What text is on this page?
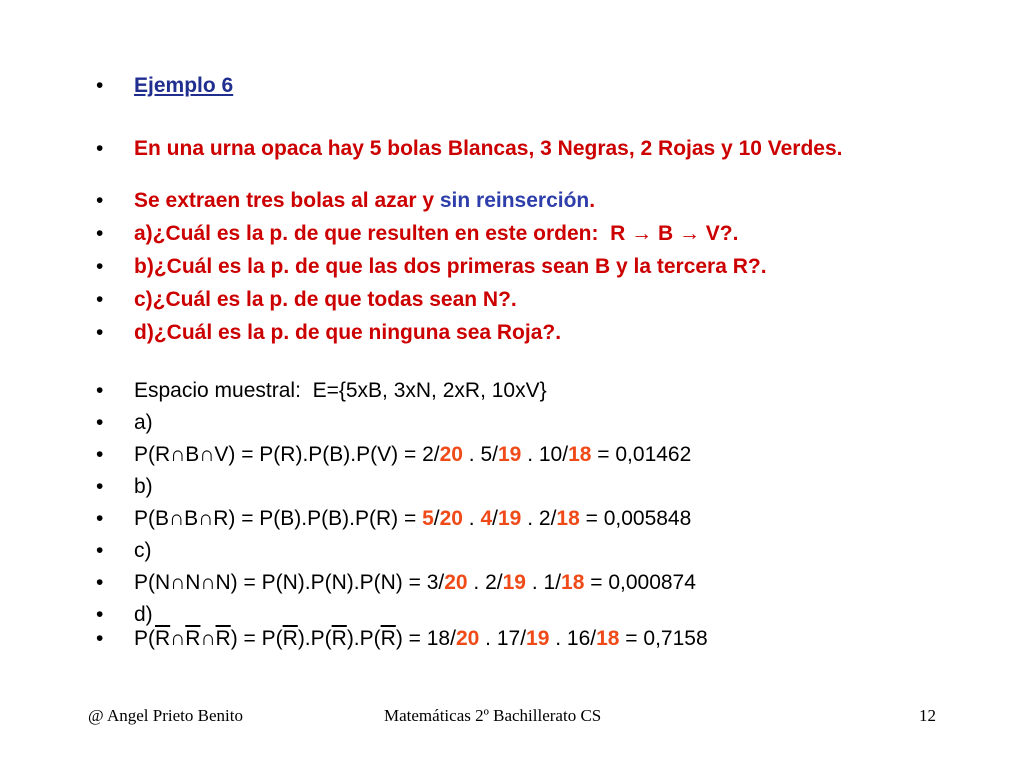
• Ejemplo 6
• En una urna opaca hay 5 bolas Blancas, 3 Negras, 2 Rojas y 10 Verdes.
• Se extraen tres bolas al azar y sin reinserción.
• a)¿Cuál es la p. de que resulten en este orden:  R → B → V?.
• b)¿Cuál es la p. de que las dos primeras sean B y la tercera R?.
• c)¿Cuál es la p. de que todas sean N?.
• d)¿Cuál es la p. de que ninguna sea Roja?.
• Espacio muestral:  E={5xB, 3xN, 2xR, 10xV}
• a)
• P(R∩B∩V) = P(R).P(B).P(V) = 2/20 . 5/19 . 10/18 = 0,01462
• b)
• P(B∩B∩R) = P(B).P(B).P(R) = 5/20 . 4/19 . 2/18 = 0,005848
• c)
• P(N∩N∩N) = P(N).P(N).P(N) = 3/20 . 2/19 . 1/18 = 0,000874
• d)
• $P(\overline{R}\cap\overline{R}\cap\overline{R}) = P(\overline{R}).P(\overline{R}).P(\overline{R}) = 18/20$ . 17/19 . 16/18 = 0,7158
@ Angel Prieto Benito	Matemáticas 2º Bachillerato CS	12
